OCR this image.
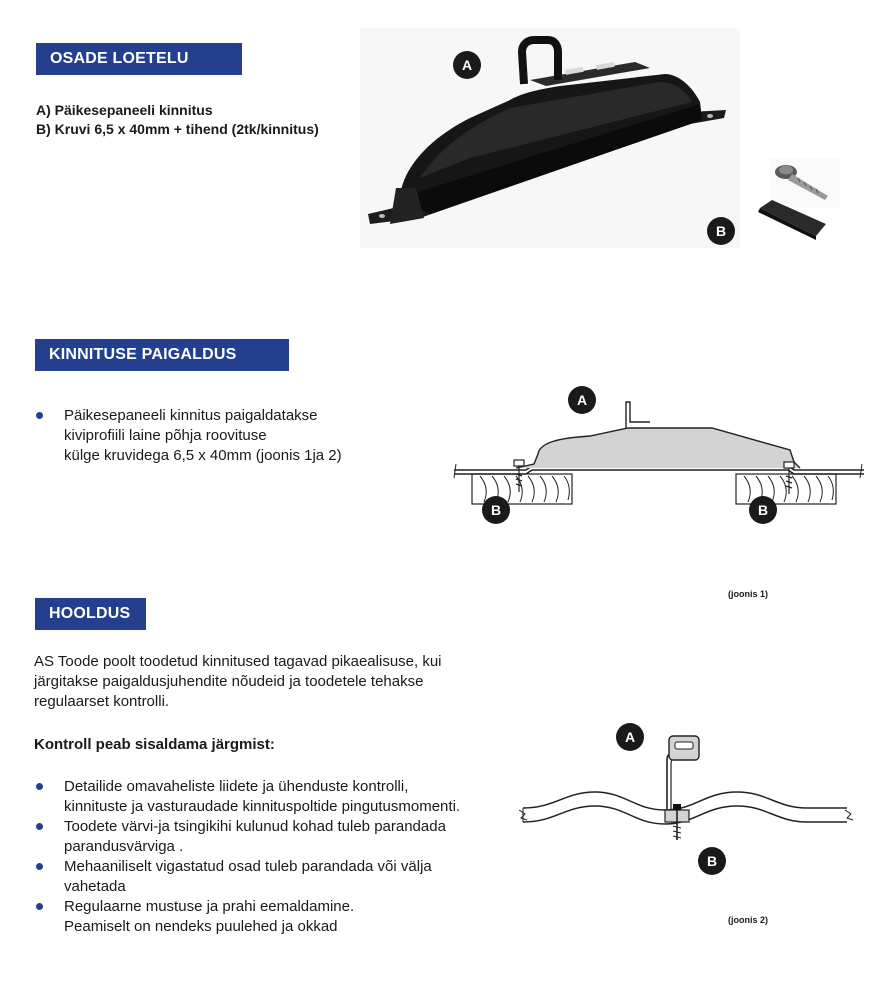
OSADE LOETELU
A) Päikesepaneeli kinnitus
B) Kruvi 6,5 x 40mm + tihend (2tk/kinnitus)
A
B
KINNITUSE PAIGALDUS
Päikesepaneeli kinnitus paigaldatakse
kiviprofiili laine põhja roovituse
külge kruvidega 6,5 x 40mm (joonis 1ja 2)
A
B	B
(joonis 1)
HOOLDUS
AS Toode poolt toodetud kinnitused tagavad pikaealisuse, kui
järgitakse paigaldusjuhendite nõudeid ja toodetele tehakse
regulaarset kontrolli.
Kontroll peab sisaldama järgmist:
Detailide omavaheliste liidete ja ühenduste kontrolli,
kinnituste ja vasturaudade kinnituspoltide pingutusmomenti.
Toodete värvi-ja tsingikihi kulunud kohad tuleb parandada
parandusvärviga .
Mehaaniliselt vigastatud osad tuleb parandada või välja
vahetada
Regulaarne mustuse ja prahi eemaldamine.
Peamiselt on nendeks puulehed ja okkad
A
B
(joonis 2)
